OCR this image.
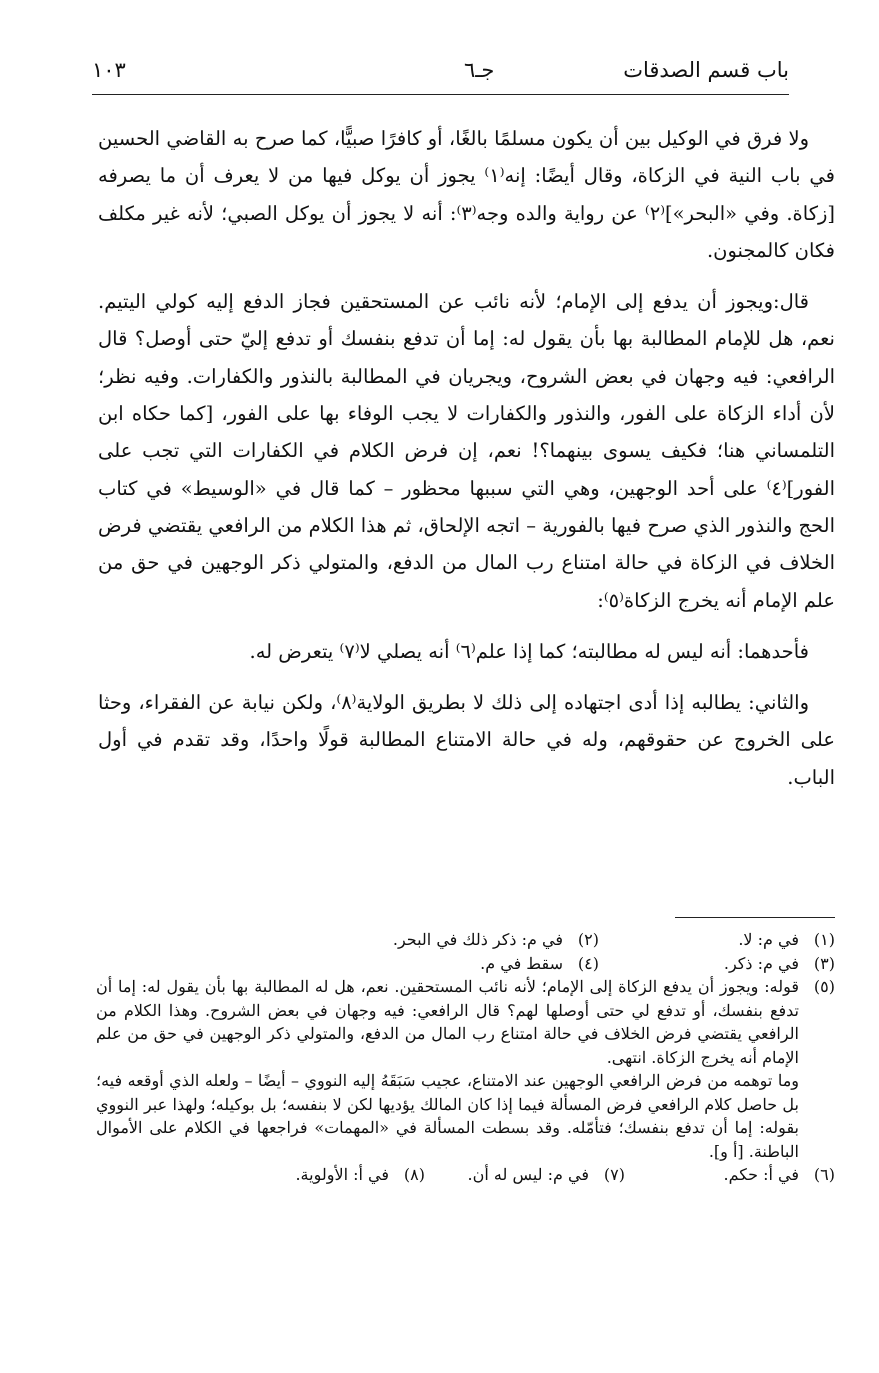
باب قسم الصدقات
جـ٦
١٠٣

ولا فرق في الوكيل بين أن يكون مسلمًا بالغًا، أو كافرًا صبيًّا، كما صرح به القاضي الحسين في باب النية في الزكاة، وقال أيضًا: إنه⁽١⁾ يجوز أن يوكل فيها من لا يعرف أن ما يصرفه [زكاة. وفي «البحر»]⁽٢⁾ عن رواية والده وجه⁽٣⁾: أنه لا يجوز أن يوكل الصبي؛ لأنه غير مكلف فكان كالمجنون.

قال:ويجوز أن يدفع إلى الإمام؛ لأنه نائب عن المستحقين فجاز الدفع إليه كولي اليتيم. نعم، هل للإمام المطالبة بها بأن يقول له: إما أن تدفع بنفسك أو تدفع إليّ حتى أوصل؟ قال الرافعي: فيه وجهان في بعض الشروح، ويجريان في المطالبة بالنذور والكفارات. وفيه نظر؛ لأن أداء الزكاة على الفور، والنذور والكفارات لا يجب الوفاء بها على الفور، [كما حكاه ابن التلمساني هنا؛ فكيف يسوى بينهما؟! نعم، إن فرض الكلام في الكفارات التي تجب على الفور]⁽٤⁾ على أحد الوجهين، وهي التي سببها محظور – كما قال في «الوسيط» في كتاب الحج والنذور الذي صرح فيها بالفورية – اتجه الإلحاق، ثم هذا الكلام من الرافعي يقتضي فرض الخلاف في الزكاة في حالة امتناع رب المال من الدفع، والمتولي ذكر الوجهين في حق من علم الإمام أنه يخرج الزكاة⁽٥⁾:

فأحدهما: أنه ليس له مطالبته؛ كما إذا علم⁽٦⁾ أنه يصلي لا⁽٧⁾ يتعرض له.

والثاني: يطالبه إذا أدى اجتهاده إلى ذلك لا بطريق الولاية⁽٨⁾، ولكن نيابة عن الفقراء، وحثا على الخروج عن حقوقهم، وله في حالة الامتناع المطالبة قولًا واحدًا، وقد تقدم في أول الباب.

(١)
في م: لا.
(٢)
في م: ذكر ذلك في البحر.
(٣)
في م: ذكر.
(٤)
سقط في م.
(٥)
قوله: ويجوز أن يدفع الزكاة إلى الإمام؛ لأنه نائب المستحقين. نعم، هل له المطالبة بها بأن يقول له: إما أن تدفع بنفسك، أو تدفع لي حتى أوصلها لهم؟ قال الرافعي: فيه وجهان في بعض الشروح. وهذا الكلام من الرافعي يقتضي فرض الخلاف في حالة امتناع رب المال من الدفع، والمتولي ذكر الوجهين في حق من علم الإمام أنه يخرج الزكاة. انتهى.
وما توهمه من فرض الرافعي الوجهين عند الامتناع، عجيب سَبَقَهُ إليه النووي – أيضًا – ولعله الذي أوقعه فيه؛ بل حاصل كلام الرافعي فرض المسألة فيما إذا كان المالك يؤديها لكن لا بنفسه؛ بل بوكيله؛ ولهذا عبر النووي بقوله: إما أن تدفع بنفسك؛ فتأمّله. وقد بسطت المسألة في «المهمات» فراجعها في الكلام على الأموال الباطنة. [أ و].
(٦)
في أ: حكم.
(٧)
في م: ليس له أن.
(٨)
في أ: الأولوية.
